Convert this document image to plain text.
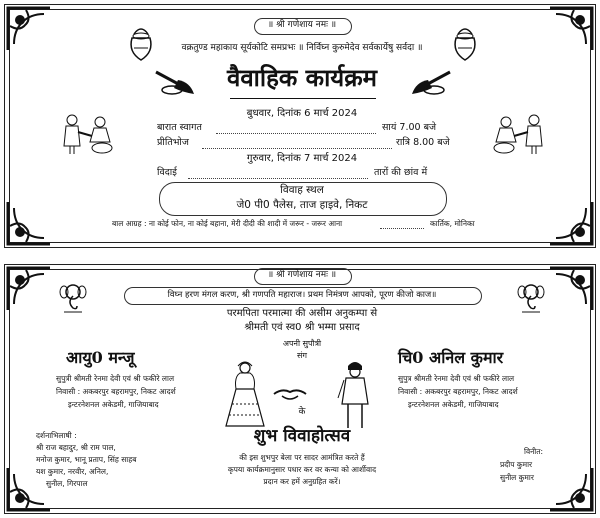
॥ श्री गणेशाय नमः ॥
वक्रतुण्ड महाकाय सूर्यकोटि समप्रभः ॥ निर्विघ्न कुरुमेदेव सर्वकार्येषु सर्वदा ॥
वैवाहिक कार्यक्रम
बुधवार, दिनांक 6 मार्च 2024
बारात स्वागत	सायं 7.00 बजे
प्रीतिभोज	रात्रि 8.00 बजे
गुरुवार, दिनांक 7 मार्च 2024
विदाई	तारों की छांव में
विवाह स्थल
जे0 पी0 पैलेस, ताज हाइवे, निकट
बाल आग्रह : ना कोई फोन, ना कोई बहाना, मेरी दीदी की शादी में जरूर - जरूर आना	कार्तिक, मोनिका
॥ श्री गणेशाय नमः ॥
विघ्न हरण मंगल करण, श्री गणपति महाराज। प्रथम निमंत्रण आपको, पूरण कीजो काज॥
परमपिता परमात्मा की असीम अनुकम्पा से
श्रीमती एवं स्व0 श्री भम्मा प्रसाद
अपनी सुपौत्री
संग
आयु0 मन्जू
सुपुत्री श्रीमती रेनमा देवी एवं श्री फकीरे लाल
निवासी : अकबरपुर बहरामपुर, निकट आदर्श
इन्टरनेशनल अकेडमी, गाजियाबाद
चि0 अनिल कुमार
सुपुत्र श्रीमती रेनमा देवी एवं श्री फकीरे लाल
निवासी : अकबरपुर बहरामपुर, निकट आदर्श
इन्टरनेशनल अकेडमी, गाजियाबाद
के
शुभ विवाहोत्सव
की इस शुभपुर बेला पर सादर आमंत्रित करते हैं
कृपया कार्यक्रमानुसार पधार कर वर कन्या को आर्शीवाद
प्रदान कर हमें अनुग्रहित करें।
दर्शनाभिलाषी :
श्री राज बहादुर, श्री राम पाल,
मनोज कुमार, भानू प्रताप, सिंह साहब
यश कुमार, नरवीर, अनिल,
सुनील, गिरपाल
विनीत:
प्रदीप कुमार
सुनील कुमार
